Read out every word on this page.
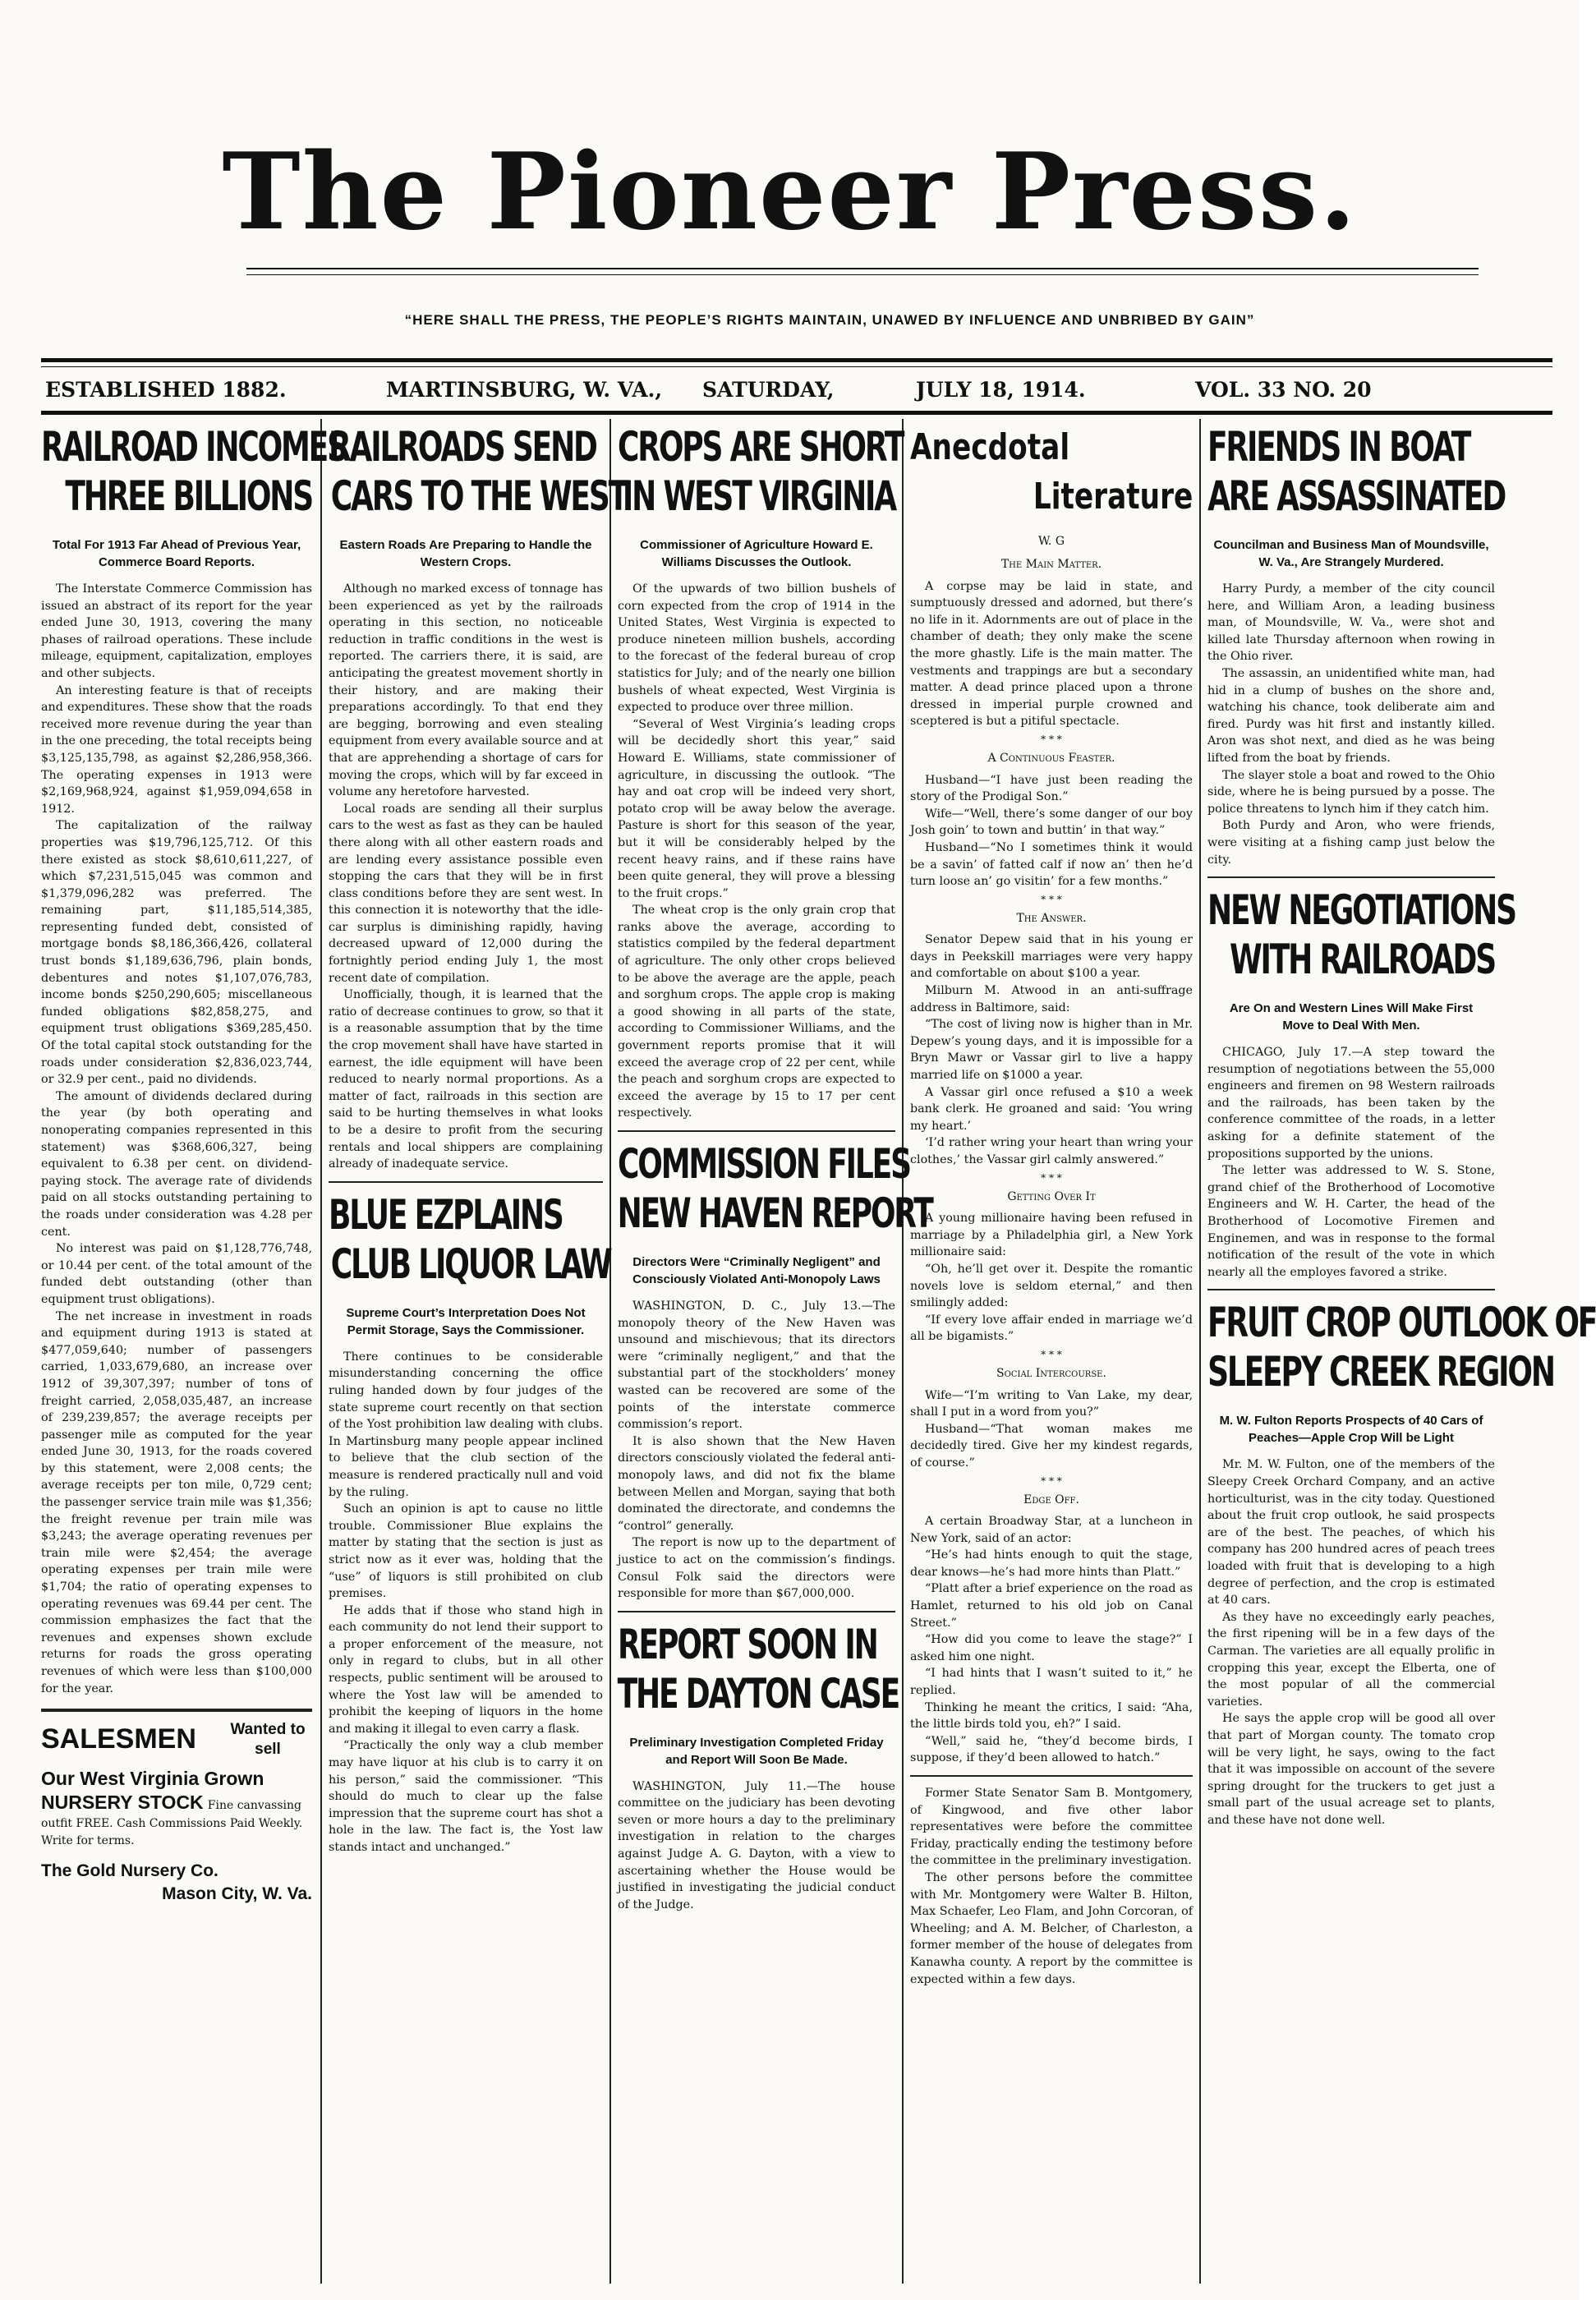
The Pioneer Press.
“HERE SHALL THE PRESS, THE PEOPLE’S RIGHTS MAINTAIN, UNAWED BY INFLUENCE AND UNBRIBED BY GAIN”
ESTABLISHED 1882.	MARTINSBURG, W. VA., SATURDAY,	JULY 18, 1914.	VOL. 33 NO. 20
RAILROAD INCOMES
THREE BILLIONS
Total For 1913 Far Ahead of Previous Year, Commerce Board Reports.

The Interstate Commerce Commission has issued an abstract of its report for the year ended June 30, 1913, covering the many phases of railroad operations. These include mileage, equipment, capitalization, employes and other subjects.

An interesting feature is that of receipts and expenditures. These show that the roads received more revenue during the year than in the one preceding, the total receipts being $3,125,135,798, as against $2,286,958,366. The operating expenses in 1913 were $2,169,968,924, against $1,959,094,658 in 1912.

The capitalization of the railway properties was $19,796,125,712. Of this there existed as stock $8,610,611,227, of which $7,231,515,045 was common and $1,379,096,282 was preferred. The remaining part, $11,185,514,385, representing funded debt, consisted of mortgage bonds $8,186,366,426, collateral trust bonds $1,189,636,796, plain bonds, debentures and notes $1,107,076,783, income bonds $250,290,605; miscellaneous funded obligations $82,858,275, and equipment trust obligations $369,285,450. Of the total capital stock outstanding for the roads under consideration $2,836,023,744, or 32.9 per cent., paid no dividends.

The amount of dividends declared during the year (by both operating and nonoperating companies represented in this statement) was $368,606,327, being equivalent to 6.38 per cent. on dividend-paying stock. The average rate of dividends paid on all stocks outstanding pertaining to the roads under consideration was 4.28 per cent.

No interest was paid on $1,128,776,748, or 10.44 per cent. of the total amount of the funded debt outstanding (other than equipment trust obligations).

The net increase in investment in roads and equipment during 1913 is stated at $477,059,640; number of passengers carried, 1,033,679,680, an increase over 1912 of 39,307,397; number of tons of freight carried, 2,058,035,487, an increase of 239,239,857; the average receipts per passenger mile as computed for the year ended June 30, 1913, for the roads covered by this statement, were 2,008 cents; the average receipts per ton mile, 0,729 cent; the passenger service train mile was $1,356; the freight revenue per train mile was $3,243; the average operating revenues per train mile were $2,454; the average operating expenses per train mile were $1,704; the ratio of operating expenses to operating revenues was 69.44 per cent. The commission emphasizes the fact that the revenues and expenses shown exclude returns for roads the gross operating revenues of which were less than $100,000 for the year.

SALESMEN	Wanted to sell
Our West Virginia Grown
NURSERY STOCK Fine canvassing outfit FREE. Cash Commissions Paid Weekly. Write for terms.
The Gold Nursery Co.
Mason City, W. Va.
RAILROADS SEND
CARS TO THE WEST
Eastern Roads Are Preparing to Handle the Western Crops.

Although no marked excess of tonnage has been experienced as yet by the railroads operating in this section, no noticeable reduction in traffic conditions in the west is reported. The carriers there, it is said, are anticipating the greatest movement shortly in their history, and are making their preparations accordingly. To that end they are begging, borrowing and even stealing equipment from every available source and at that are apprehending a shortage of cars for moving the crops, which will by far exceed in volume any heretofore harvested.

Local roads are sending all their surplus cars to the west as fast as they can be hauled there along with all other eastern roads and are lending every assistance possible even stopping the cars that they will be in first class conditions before they are sent west. In this connection it is noteworthy that the idle-car surplus is diminishing rapidly, having decreased upward of 12,000 during the fortnightly period ending July 1, the most recent date of compilation.

Unofficially, though, it is learned that the ratio of decrease continues to grow, so that it is a reasonable assumption that by the time the crop movement shall have have started in earnest, the idle equipment will have been reduced to nearly normal proportions. As a matter of fact, railroads in this section are said to be hurting themselves in what looks to be a desire to profit from the securing rentals and local shippers are complaining already of inadequate service.

BLUE EZPLAINS
CLUB LIQUOR LAW
Supreme Court’s Interpretation Does Not Permit Storage, Says the Commissioner.

There continues to be considerable misunderstanding concerning the office ruling handed down by four judges of the state supreme court recently on that section of the Yost prohibition law dealing with clubs. In Martinsburg many people appear inclined to believe that the club section of the measure is rendered practically null and void by the ruling.

Such an opinion is apt to cause no little trouble. Commissioner Blue explains the matter by stating that the section is just as strict now as it ever was, holding that the “use” of liquors is still prohibited on club premises.

He adds that if those who stand high in each community do not lend their support to a proper enforcement of the measure, not only in regard to clubs, but in all other respects, public sentiment will be aroused to where the Yost law will be amended to prohibit the keeping of liquors in the home and making it illegal to even carry a flask.

“Practically the only way a club member may have liquor at his club is to carry it on his person,” said the commissioner. “This should do much to clear up the false impression that the supreme court has shot a hole in the law. The fact is, the Yost law stands intact and unchanged.”

CROPS ARE SHORT
IN WEST VIRGINIA
Commissioner of Agriculture Howard E. Williams Discusses the Outlook.

Of the upwards of two billion bushels of corn expected from the crop of 1914 in the United States, West Virginia is expected to produce nineteen million bushels, according to the forecast of the federal bureau of crop statistics for July; and of the nearly one billion bushels of wheat expected, West Virginia is expected to produce over three million.

“Several of West Virginia’s leading crops will be decidedly short this year,” said Howard E. Williams, state commissioner of agriculture, in discussing the outlook. “The hay and oat crop will be indeed very short, potato crop will be away below the average. Pasture is short for this season of the year, but it will be considerably helped by the recent heavy rains, and if these rains have been quite general, they will prove a blessing to the fruit crops.”

The wheat crop is the only grain crop that ranks above the average, according to statistics compiled by the federal department of agriculture. The only other crops believed to be above the average are the apple, peach and sorghum crops. The apple crop is making a good showing in all parts of the state, according to Commissioner Williams, and the government reports promise that it will exceed the average crop of 22 per cent, while the peach and sorghum crops are expected to exceed the average by 15 to 17 per cent respectively.

COMMISSION FILES
NEW HAVEN REPORT
Directors Were “Criminally Negligent” and Consciously Violated Anti-Monopoly Laws

WASHINGTON, D. C., July 13.—The monopoly theory of the New Haven was unsound and mischievous; that its directors were “criminally negligent,” and that the substantial part of the stockholders’ money wasted can be recovered are some of the points of the interstate commerce commission’s report.

It is also shown that the New Haven directors consciously violated the federal anti-monopoly laws, and did not fix the blame between Mellen and Morgan, saying that both dominated the directorate, and condemns the “control” generally.

The report is now up to the department of justice to act on the commission’s findings. Consul Folk said the directors were responsible for more than $67,000,000.

REPORT SOON IN
THE DAYTON CASE
Preliminary Investigation Completed Friday and Report Will Soon Be Made.

WASHINGTON, July 11.—The house committee on the judiciary has been devoting seven or more hours a day to the preliminary investigation in relation to the charges against Judge A. G. Dayton, with a view to ascertaining whether the House would be justified in investigating the judicial conduct of the Judge.

Anecdotal
Literature
W. G
The Main Matter.

A corpse may be laid in state, and sumptuously dressed and adorned, but there’s no life in it. Adornments are out of place in the chamber of death; they only make the scene the more ghastly. Life is the main matter. The vestments and trappings are but a secondary matter. A dead prince placed upon a throne dressed in imperial purple crowned and sceptered is but a pitiful spectacle.

* * *
A Continuous Feaster.

Husband—“I have just been reading the story of the Prodigal Son.”

Wife—“Well, there’s some danger of our boy Josh goin’ to town and buttin’ in that way.”

Husband—“No I sometimes think it would be a savin’ of fatted calf if now an’ then he’d turn loose an’ go visitin’ for a few months.”

* * *
The Answer.

Senator Depew said that in his young er days in Peekskill marriages were very happy and comfortable on about $100 a year.

Milburn M. Atwood in an anti-suffrage address in Baltimore, said:

“The cost of living now is higher than in Mr. Depew’s young days, and it is impossible for a Bryn Mawr or Vassar girl to live a happy married life on $1000 a year.

A Vassar girl once refused a $10 a week bank clerk. He groaned and said: ‘You wring my heart.’

‘I’d rather wring your heart than wring your clothes,’ the Vassar girl calmly answered.”

* * *
Getting Over It

A young millionaire having been refused in marriage by a Philadelphia girl, a New York millionaire said:

“Oh, he’ll get over it. Despite the romantic novels love is seldom eternal,” and then smilingly added:

“If every love affair ended in marriage we’d all be bigamists.”

* * *
Social Intercourse.

Wife—“I’m writing to Van Lake, my dear, shall I put in a word from you?”

Husband—“That woman makes me decidedly tired. Give her my kindest regards, of course.”

* * *
Edge Off.

A certain Broadway Star, at a luncheon in New York, said of an actor:

“He’s had hints enough to quit the stage, dear knows—he’s had more hints than Platt.”

“Platt after a brief experience on the road as Hamlet, returned to his old job on Canal Street.”

“How did you come to leave the stage?” I asked him one night.

“I had hints that I wasn’t suited to it,” he replied.

Thinking he meant the critics, I said: “Aha, the little birds told you, eh?” I said.

“Well,” said he, “they’d become birds, I suppose, if they’d been allowed to hatch.”

Former State Senator Sam B. Montgomery, of Kingwood, and five other labor representatives were before the committee Friday, practically ending the testimony before the committee in the preliminary investigation.

The other persons before the committee with Mr. Montgomery were Walter B. Hilton, Max Schaefer, Leo Flam, and John Corcoran, of Wheeling; and A. M. Belcher, of Charleston, a former member of the house of delegates from Kanawha county. A report by the committee is expected within a few days.

FRIENDS IN BOAT
ARE ASSASSINATED
Councilman and Business Man of Moundsville, W. Va., Are Strangely Murdered.

Harry Purdy, a member of the city council here, and William Aron, a leading business man, of Moundsville, W. Va., were shot and killed late Thursday afternoon when rowing in the Ohio river.

The assassin, an unidentified white man, had hid in a clump of bushes on the shore and, watching his chance, took deliberate aim and fired. Purdy was hit first and instantly killed. Aron was shot next, and died as he was being lifted from the boat by friends.

The slayer stole a boat and rowed to the Ohio side, where he is being pursued by a posse. The police threatens to lynch him if they catch him.

Both Purdy and Aron, who were friends, were visiting at a fishing camp just below the city.

NEW NEGOTIATIONS
WITH RAILROADS
Are On and Western Lines Will Make First Move to Deal With Men.

CHICAGO, July 17.—A step toward the resumption of negotiations between the 55,000 engineers and firemen on 98 Western railroads and the railroads, has been taken by the conference committee of the roads, in a letter asking for a definite statement of the propositions supported by the unions.

The letter was addressed to W. S. Stone, grand chief of the Brotherhood of Locomotive Engineers and W. H. Carter, the head of the Brotherhood of Locomotive Firemen and Enginemen, and was in response to the formal notification of the result of the vote in which nearly all the employes favored a strike.

FRUIT CROP OUTLOOK OF
SLEEPY CREEK REGION
M. W. Fulton Reports Prospects of 40 Cars of Peaches—Apple Crop Will be Light

Mr. M. W. Fulton, one of the members of the Sleepy Creek Orchard Company, and an active horticulturist, was in the city today. Questioned about the fruit crop outlook, he said prospects are of the best. The peaches, of which his company has 200 hundred acres of peach trees loaded with fruit that is developing to a high degree of perfection, and the crop is estimated at 40 cars.

As they have no exceedingly early peaches, the first ripening will be in a few days of the Carman. The varieties are all equally prolific in cropping this year, except the Elberta, one of the most popular of all the commercial varieties.

He says the apple crop will be good all over that part of Morgan county. The tomato crop will be very light, he says, owing to the fact that it was impossible on account of the severe spring drought for the truckers to get just a small part of the usual acreage set to plants, and these have not done well.
